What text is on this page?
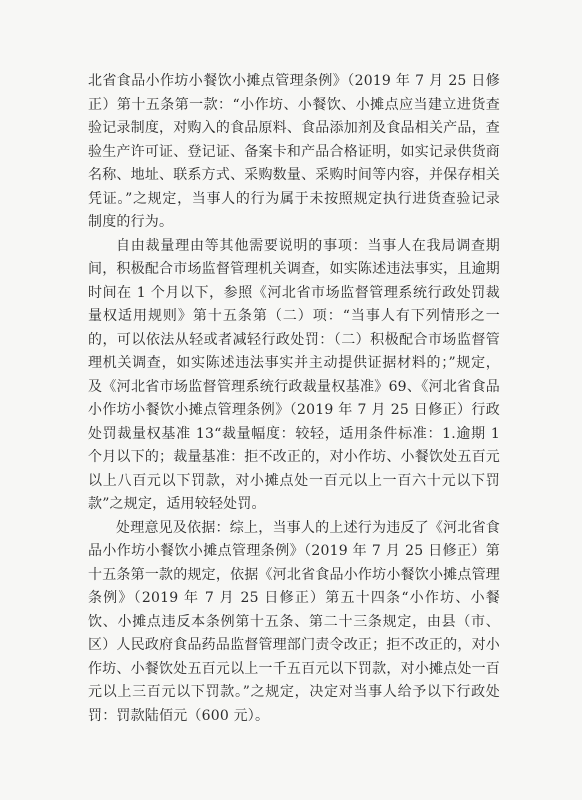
北省食品小作坊小餐饮小摊点管理条例》（2019 年 7 月 25 日修正）第十五条第一款：“小作坊、小餐饮、小摊点应当建立进货查验记录制度，对购入的食品原料、食品添加剂及食品相关产品，查验生产许可证、登记证、备案卡和产品合格证明，如实记录供货商名称、地址、联系方式、采购数量、采购时间等内容，并保存相关凭证。”之规定，当事人的行为属于未按照规定执行进货查验记录制度的行为。

自由裁量理由等其他需要说明的事项：当事人在我局调查期间，积极配合市场监督管理机关调查，如实陈述违法事实，且逾期时间在 1 个月以下，参照《河北省市场监督管理系统行政处罚裁量权适用规则》第十五条第（二）项：“当事人有下列情形之一的，可以依法从轻或者减轻行政处罚：（二）积极配合市场监督管理机关调查，如实陈述违法事实并主动提供证据材料的；”规定，及《河北省市场监督管理系统行政裁量权基准》69、《河北省食品小作坊小餐饮小摊点管理条例》（2019 年 7 月 25 日修正）行政处罚裁量权基准 13“裁量幅度：较轻，适用条件标准：1.逾期 1 个月以下的；裁量基准：拒不改正的，对小作坊、小餐饮处五百元以上八百元以下罚款，对小摊点处一百元以上一百六十元以下罚款”之规定，适用较轻处罚。

处理意见及依据：综上，当事人的上述行为违反了《河北省食品小作坊小餐饮小摊点管理条例》（2019 年 7 月 25 日修正）第十五条第一款的规定，依据《河北省食品小作坊小餐饮小摊点管理条例》（2019 年 7 月 25 日修正）第五十四条“小作坊、小餐饮、小摊点违反本条例第十五条、第二十三条规定，由县（市、区）人民政府食品药品监督管理部门责令改正；拒不改正的，对小作坊、小餐饮处五百元以上一千五百元以下罚款，对小摊点处一百元以上三百元以下罚款。”之规定，决定对当事人给予以下行政处罚：罚款陆佰元（600 元）。
